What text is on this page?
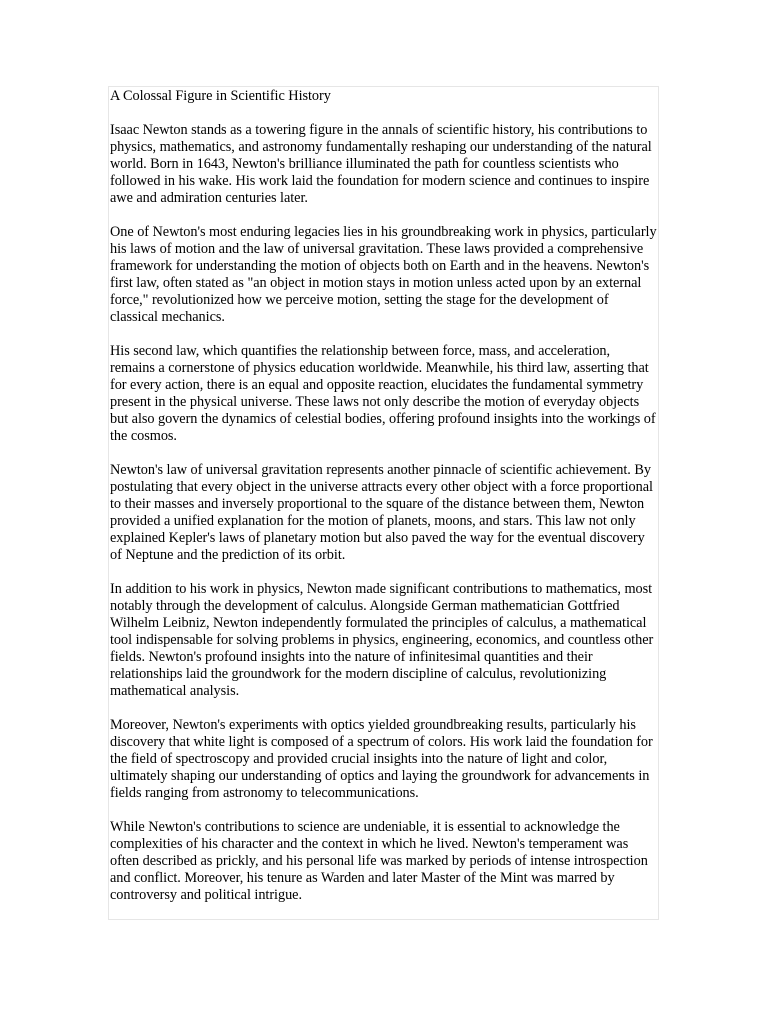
A Colossal Figure in Scientific History

Isaac Newton stands as a towering figure in the annals of scientific history, his contributions to physics, mathematics, and astronomy fundamentally reshaping our understanding of the natural world. Born in 1643, Newton's brilliance illuminated the path for countless scientists who followed in his wake. His work laid the foundation for modern science and continues to inspire awe and admiration centuries later.

One of Newton's most enduring legacies lies in his groundbreaking work in physics, particularly his laws of motion and the law of universal gravitation. These laws provided a comprehensive framework for understanding the motion of objects both on Earth and in the heavens. Newton's first law, often stated as "an object in motion stays in motion unless acted upon by an external force," revolutionized how we perceive motion, setting the stage for the development of classical mechanics.

His second law, which quantifies the relationship between force, mass, and acceleration, remains a cornerstone of physics education worldwide. Meanwhile, his third law, asserting that for every action, there is an equal and opposite reaction, elucidates the fundamental symmetry present in the physical universe. These laws not only describe the motion of everyday objects but also govern the dynamics of celestial bodies, offering profound insights into the workings of the cosmos.

Newton's law of universal gravitation represents another pinnacle of scientific achievement. By postulating that every object in the universe attracts every other object with a force proportional to their masses and inversely proportional to the square of the distance between them, Newton provided a unified explanation for the motion of planets, moons, and stars. This law not only explained Kepler's laws of planetary motion but also paved the way for the eventual discovery of Neptune and the prediction of its orbit.

In addition to his work in physics, Newton made significant contributions to mathematics, most notably through the development of calculus. Alongside German mathematician Gottfried Wilhelm Leibniz, Newton independently formulated the principles of calculus, a mathematical tool indispensable for solving problems in physics, engineering, economics, and countless other fields. Newton's profound insights into the nature of infinitesimal quantities and their relationships laid the groundwork for the modern discipline of calculus, revolutionizing mathematical analysis.

Moreover, Newton's experiments with optics yielded groundbreaking results, particularly his discovery that white light is composed of a spectrum of colors. His work laid the foundation for the field of spectroscopy and provided crucial insights into the nature of light and color, ultimately shaping our understanding of optics and laying the groundwork for advancements in fields ranging from astronomy to telecommunications.

While Newton's contributions to science are undeniable, it is essential to acknowledge the complexities of his character and the context in which he lived. Newton's temperament was often described as prickly, and his personal life was marked by periods of intense introspection and conflict. Moreover, his tenure as Warden and later Master of the Mint was marred by controversy and political intrigue.
